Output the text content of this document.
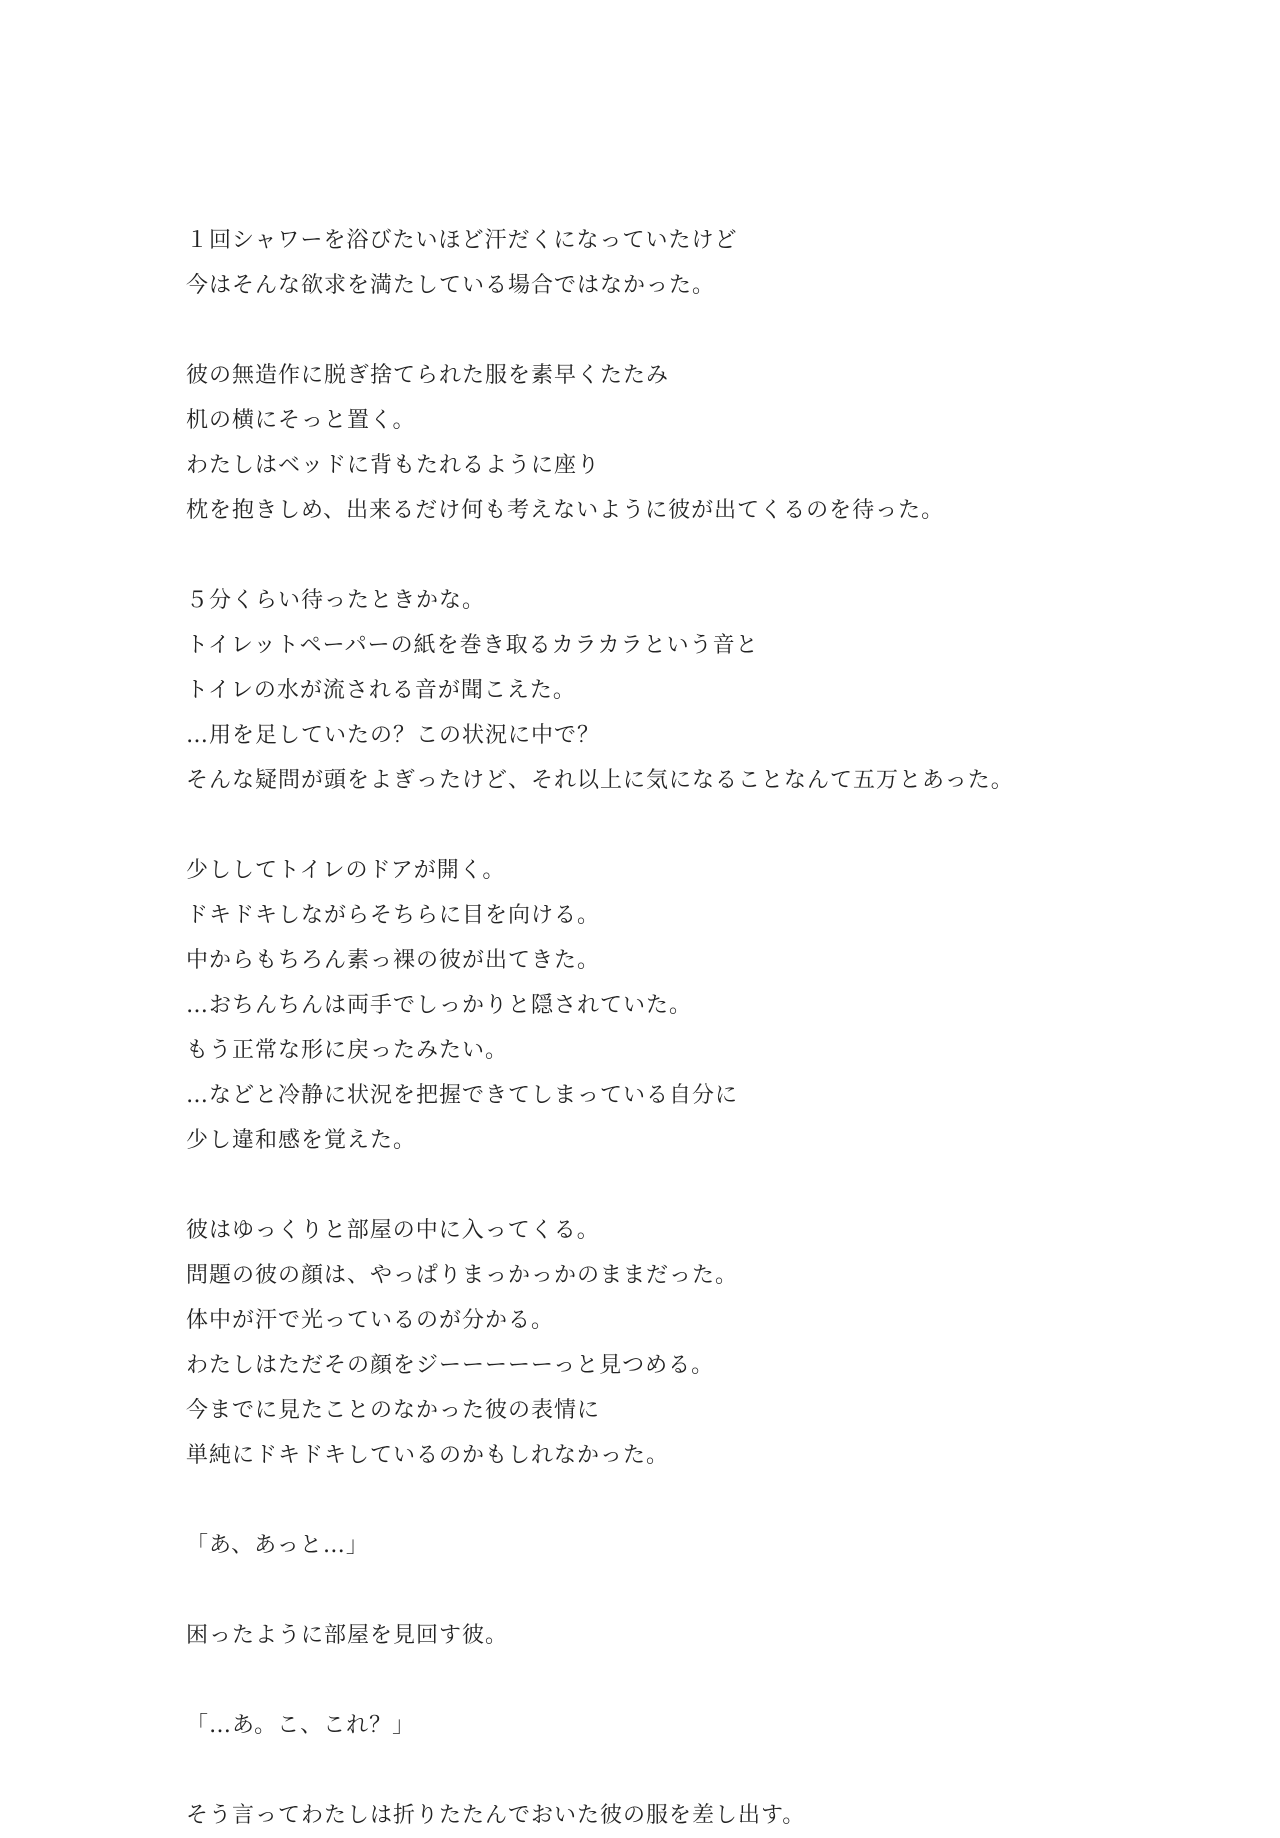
１回シャワーを浴びたいほど汗だくになっていたけど
今はそんな欲求を満たしている場合ではなかった。
彼の無造作に脱ぎ捨てられた服を素早くたたみ
机の横にそっと置く。
わたしはベッドに背もたれるように座り
枕を抱きしめ、出来るだけ何も考えないように彼が出てくるのを待った。
５分くらい待ったときかな。
トイレットペーパーの紙を巻き取るカラカラという音と
トイレの水が流される音が聞こえた。
…用を足していたの？この状況に中で？
そんな疑問が頭をよぎったけど、それ以上に気になることなんて五万とあった。
少ししてトイレのドアが開く。
ドキドキしながらそちらに目を向ける。
中からもちろん素っ裸の彼が出てきた。
…おちんちんは両手でしっかりと隠されていた。
もう正常な形に戻ったみたい。
…などと冷静に状況を把握できてしまっている自分に
少し違和感を覚えた。
彼はゆっくりと部屋の中に入ってくる。
問題の彼の顔は、やっぱりまっかっかのままだった。
体中が汗で光っているのが分かる。
わたしはただその顔をジーーーーーっと見つめる。
今までに見たことのなかった彼の表情に
単純にドキドキしているのかもしれなかった。
「あ、あっと…」
困ったように部屋を見回す彼。
「…あ。こ、これ？」
そう言ってわたしは折りたたんでおいた彼の服を差し出す。
